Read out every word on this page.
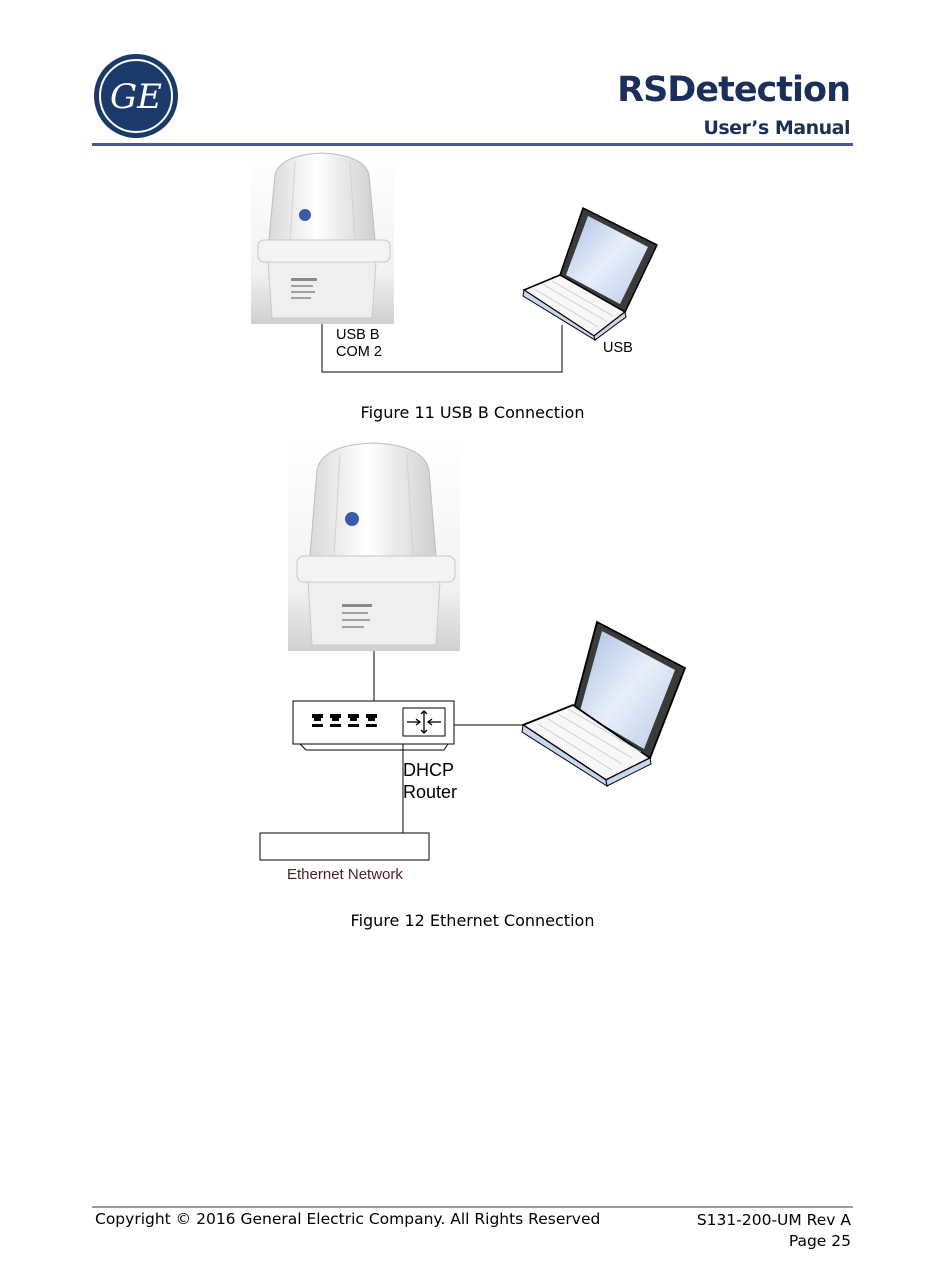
GE	RSDetection
User’s Manual
USB B
COM 2	USB
Figure 11 USB B Connection
DHCP
Router
Ethernet Network
Figure 12 Ethernet Connection
Copyright © 2016 General Electric Company. All Rights Reserved	S131-200-UM Rev A
Page 25
